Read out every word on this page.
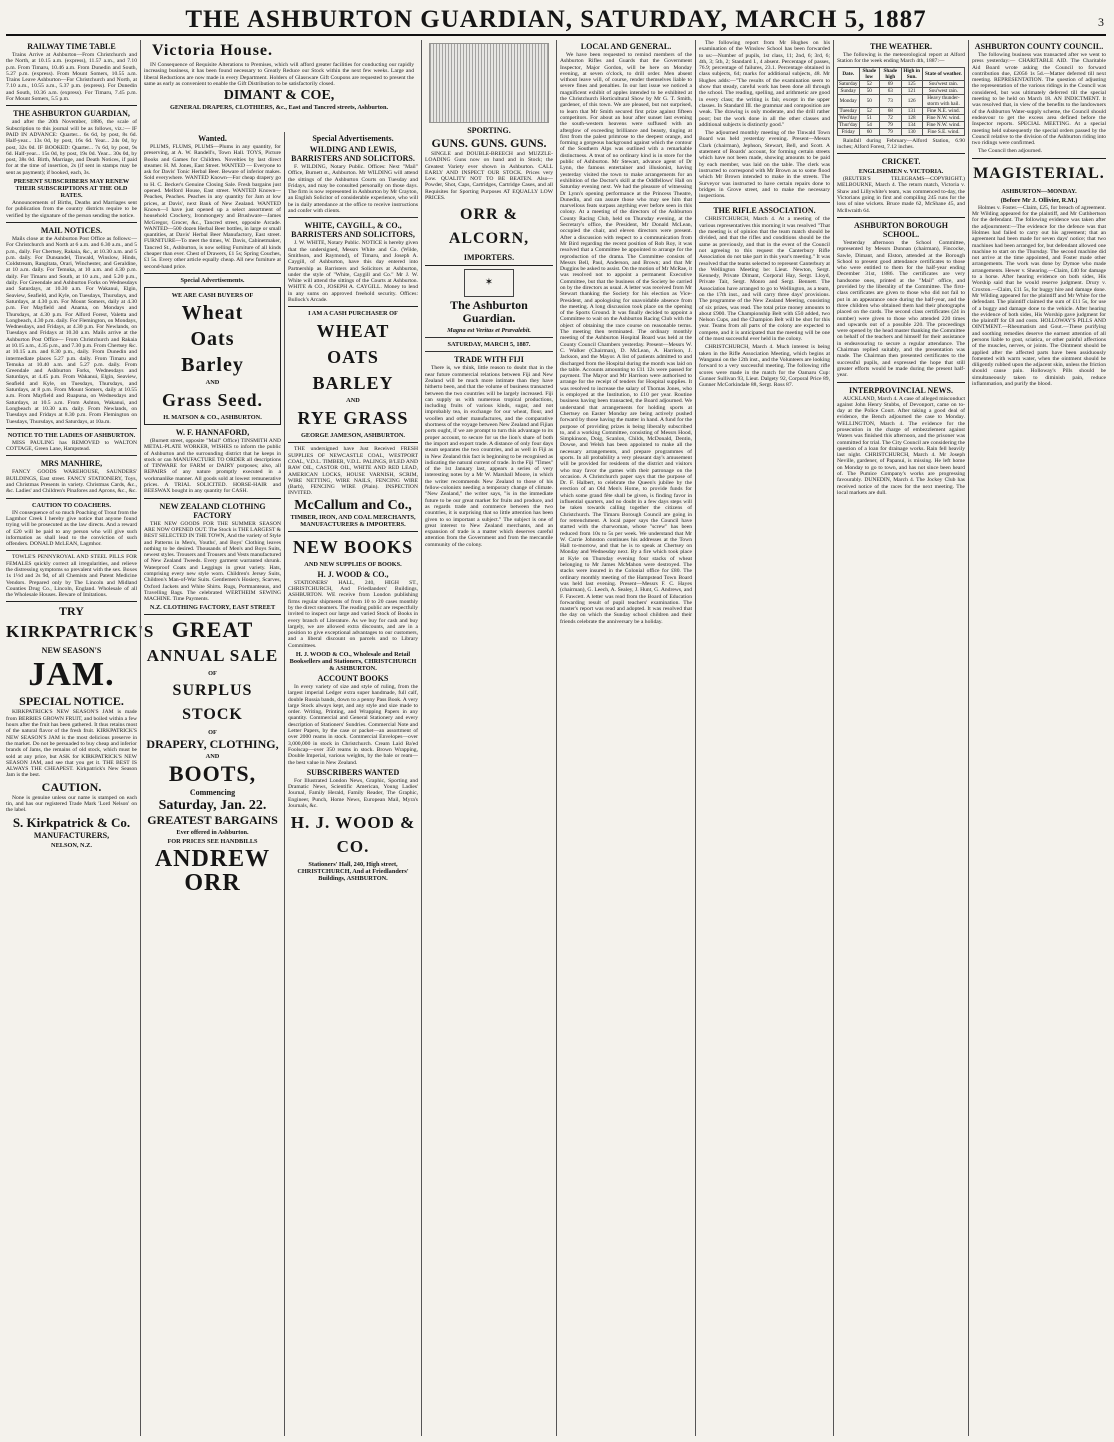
THE ASHBURTON GUARDIAN, SATURDAY, MARCH 5, 1887	3
RAILWAY TIME TABLE

Trains Arrive at Ashburton—From Christchurch and the North, at 10.15 a.m. (express), 11.57 a.m., and 7.10 p.m. From Timaru, 10.46 a.m. From Dunedin and South, 5.27 p.m. (express). From Mount Somers, 10.55 a.m. Trains Leave Ashburton—For Christchurch and North, at 7.10 a.m., 10.55 a.m., 5.37 p.m. (express). For Dunedin and South, 10.36 a.m. (express). For Timaru, 7.45 p.m. For Mount Somers, 5.5 p.m.

THE ASHBURTON GUARDIAN,

and after the 20th November, 1886, the scale of Subscription to this journal will be as follows, viz.:— IF PAID IN ADVANCE: Quarter... 6s 6d, by post, 8s 6d. Half-year... 13s 0d, by post, 16s 6d. Year... 24s 0d, by post, 32s 0d. IF BOOKED: Quarter... 7s 6d, by post, 9s 6d. Half-year... 15s 0d, by post, 19s 0d. Year... 30s 0d, by post, 38s 0d. Birth, Marriage, and Death Notices, if paid for at the time of insertion, 2s (if sent in stamps may be sent as payment); if booked, each, 3s.

PRESENT SUBSCRIBERS MAY RENEW THEIR SUBSCRIPTIONS AT THE OLD RATES.

Announcements of Births, Deaths and Marriages sent for publication from the country districts require to be verified by the signature of the person sending the notice.

MAIL NOTICES.

Mails close at the Ashburton Post Office as follows:— For Christchurch and North at 6 a.m. and 6.30 a.m., and 5 p.m., daily. For Chertsey, Rakaia, &c., at 10.30 a.m. and 5 p.m. daily. For Dunsandel, Tinwald, Winslow, Hinds, Coldstream, Rangitata, Orari, Winchester, and Geraldine, at 10 a.m. daily. For Temuka, at 10 a.m. and 4.30 p.m. daily. For Timaru and South, at 10 a.m., and 5.20 p.m., daily. For Greendale and Ashburton Forks on Wednesdays and Saturdays, at 10.30 a.m. For Wakanui, Elgin, Seaview, Seafield, and Kyle, on Tuesdays, Thursdays, and Saturdays, at 4.30 p.m. For Mount Somers, daily at 4.30 p.m. For Mayfield and Anama, on Mondays and Thursdays, at 4.30 p.m. For Alford Forest, Valetta and Longbeach, 4.30 p.m. daily. For Flemington, on Mondays, Wednesdays, and Fridays, at 4.30 p.m. For Newlands, on Tuesdays and Fridays at 10.30 a.m. Mails arrive at the Ashburton Post Office— From Christchurch and Rakaia at 10.15 a.m., 4.35 p.m., and 7.30 p.m. From Chertsey &c. at 10.15 a.m. and 8.30 p.m., daily. From Dunedin and intermediate places 5.27 p.m. daily. From Timaru and Temuka at 10.40 a.m. and 5.27 p.m. daily. From Greendale and Ashburton Forks, Wednesdays and Saturdays, at 4.45 p.m. From Wakanui, Elgin, Seaview, Seafield and Kyle, on Tuesdays, Thursdays, and Saturdays, at 8 p.m. From Mount Somers, daily at 10.55 a.m. From Mayfield and Ruapuna, on Wednesdays and Saturdays, at 10.5 a.m. From Ashton, Wakanui, and Longbeach at 10.30 a.m. daily. From Newlands, on Tuesdays and Fridays at 8.30 p.m. From Flemington on Tuesdays, Thursdays, and Saturdays, at 10a.m.

NOTICE TO THE LADIES OF ASHBURTON.

MISS PAULING has REMOVED to WALTON COTTAGE, Green Lane, Hampstead.

MRS MANHIRE,

FANCY GOODS WAREHOUSE, SAUNDERS' BUILDINGS, East street. FANCY STATIONERY, Toys, and Christmas Presents in variety. Christmas Cards, &c., &c. Ladies' and Children's Pinafores and Aprons, &c., &c.

CAUTION TO COACHERS.

IN consequence of so much Poaching of Trout from the Lagmhor Creek I hereby give notice that anyone found trying will be prosecuted as the law directs. And a reward of £20 will be paid to any person who will give such information as shall lead to the conviction of such offenders. DONALD McLEAN, Lagmhor.

TOWLE'S PENNYROYAL AND STEEL PILLS FOR FEMALES quickly correct all irregularities, and relieve the distressing symptoms so prevalent with the sex. Boxes 1s 1½d and 2s 9d, of all Chemists and Patent Medicine Vendors. Prepared only by The Lincoln and Midland Counties Drug Co., Lincoln, England. Wholesale of all the Wholesale Houses. Beware of Imitations.

TRY
KIRKPATRICK'S
NEW SEASON'S
JAM.
SPECIAL NOTICE.

KIRKPATRICK'S NEW SEASON'S JAM is made from BERRIES GROWN FRUIT, and boiled within a few hours after the fruit has been gathered. It thus retains most of the natural flavor of the fresh fruit. KIRKPATRICK'S NEW SEASON'S JAM is the most delicious preserve in the market. Do not be persuaded to buy cheap and inferior brands of Jams, the remains of old stock, which must be sold at any price, but ASK for KIRKPATRICK'S NEW SEASON JAM, and see that you get it. THE BEST IS ALWAYS THE CHEAPEST. Kirkpatrick's New Season Jam is the best.

CAUTION.

None is genuine unless our name is stamped on each tin, and has our registered Trade Mark 'Lord Nelson' on the label.

S. Kirkpatrick & Co.
MANUFACTURERS,
NELSON, N.Z.
Victoria House.

IN Consequence of Requisite Alterations to Premises, which will afford greater facilities for conducting our rapidly increasing business, it has been found necessary to Greatly Reduce our Stock within the next few weeks. Large and liberal Reductions are now made in every Department. Holders of Glassware Gift Coupons are requested to present the same as early as convenient to enable the Gift Distribution to be satisfactorily closed.

DIMANT & COE,
GENERAL DRAPERS, CLOTHIERS, &c., East and Tancred streets, Ashburton.
Wanted.

PLUMS, FLUMS, PLUMS—Plums in any quantity, for preserving, at A. W. Randell's, Town Hall. TOYS, Picture Books and Games for Children. Novelties by last direct steamer. H. M. Jones, East Street. WANTED — Everyone to ask for Davis' Tonic Herbal Beer. Beware of inferior makes. Sold everywhere. WANTED Known—For cheap drapery go to H. C. Becker's Genuine Closing Sale. Fresh bargains just opened. Melford House, East street. WANTED Known—Peaches, Peaches. Peaches in any quantity for Jam at low prices, at Davis', next Bank of New Zealand. WANTED Known—I have just opened up a select assortment of household Crockery, Ironmongery and Brushware—James McGregor, Grocer, &c., Tancred street, opposite Arcade. WANTED—500 dozen Herbal Beer bottles, in large or small quantities, at Davis' Herbal Beer Manufactory, East street. FURNITURE—To meet the times, W. Davis, Cabinetmaker, Tancred St., Ashburton, is now selling Furniture of all kinds cheaper than ever. Chest of Drawers, £1 5s; Spring Couches, £1 5s. Every other article equally cheap. All new furniture at second-hand price.

Special Advertisements.
WE ARE CASH BUYERS OF
Wheat
Oats
Barley
AND
Grass Seed.
H. MATSON & CO., ASHBURTON.
W. F. HANNAFORD,

(Burnett street, opposite "Mail" Office) TINSMITH AND METAL-PLATE WORKER, WISHES to inform the public of Ashburton and the surrounding district that he keeps in stock or can MANUFACTURE TO ORDER all descriptions of TINWARE for FARM or DAIRY purposes; also, all REPAIRS of any nature promptly executed in a workmanlike manner. All goods sold at lowest remunerative prices. A TRIAL SOLICITED. HORSE-HAIR and BEESWAX bought in any quantity for CASH.

NEW ZEALAND CLOTHING FACTORY

THE NEW GOODS FOR THE SUMMER SEASON ARE NOW OPENED OUT. The Stock is THE LARGEST & BEST SELECTED IN THE TOWN, And the variety of Style and Patterns in Men's, Youths', and Boys' Clothing leaves nothing to be desired. Thousands of Men's and Boys Suits, newest styles. Trousers and Trousers and Vests manufactured of New Zealand Tweeds. Every garment warranted shrunk. Waterproof Coats and Leggings in great variety. Hats, comprising every new style worn. Children's Jersey Suits, Children's Man-of-War Suits. Gentlemen's Hosiery, Scarves, Oxford Jackets and White Shirts. Rugs, Portmanteaus, and Travelling Bags. The celebrated WERTHEIM SEWING MACHINE. Time Payments.

N.Z. CLOTHING FACTORY, EAST STREET
GREAT
ANNUAL SALE
OF
SURPLUS STOCK
OF
DRAPERY, CLOTHING,
AND
BOOTS,
Commencing
Saturday, Jan. 22.
GREATEST BARGAINS
Ever offered in Ashburton.
FOR PRICES SEE HANDBILLS
ANDREW ORR
Special Advertisements.
WILDING AND LEWIS, BARRISTERS AND SOLICITORS.

F. WILDING, Notary Public. Offices: Next "Mail" Office, Burnett st., Ashburton. Mr WILDING will attend the sittings of the Ashburton Courts on Tuesday and Fridays, and may be consulted personally on those days. The firm is now represented in Ashburton by Mr Crayton, an English Solicitor of considerable experience, who will be in daily attendance at the office to receive instructions and confer with clients.

WHITE, CAYGILL, & CO., BARRISTERS AND SOLICITORS,

J. W. WHITE, Notary Public. NOTICE is hereby given that the undersigned, Messrs White and Co. (Wilde, Smithson, and Raymond), of Timaru, and Joseph A. Caygill, of Ashburton, have this day entered into Partnership as Barristers and Solicitors at Ashburton, under the style of "White, Caygill and Co." Mr J. W. White will attend the sittings of the Courts at Ashburton. WHITE & CO., JOSEPH A. CAYGILL. Money to lend in any sums on approved freehold security. Offices: Bullock's Arcade.

I AM A CASH PURCHASER OF
WHEAT
OATS
BARLEY
AND
RYE GRASS
GEORGE JAMESON, ASHBURTON.

THE undersigned have Just Received FRESH SUPPLIES OF NEWCASTLE COAL, WESTPORT COAL, V.D.L. TIMBER, V.D.L. PALINGS, B'LED AND RAW OIL, CASTOR OIL, WHITE AND RED LEAD, AMERICAN LOCKS, HOUSE VARNISH, SCRIM, WIRE NETTING, WIRE NAILS, FENCING WIRE (Barb), FENCING WIRE (Plain). INSPECTION INVITED.

McCallum and Co.,
TIMBER, IRON, AND COAL MERCHANTS, MANUFACTURERS & IMPORTERS.
NEW BOOKS
AND NEW SUPPLIES OF BOOKS.
H. J. WOOD & CO.,

STATIONERS' HALL, 240, HIGH ST., CHRISTCHURCH, And Friedlanders' Buildings, ASHBURTON. WE receive from London publishing firms regular shipments of from 10 to 20 cases monthly by the direct steamers. The reading public are respectfully invited to inspect our large and varied Stock of Books in every branch of Literature. As we buy for cash and buy largely, we are allowed extra discounts, and are in a position to give exceptional advantages to our customers, and a liberal discount on parcels and to Library Committees.

H. J. WOOD & CO., Wholesale and Retail Booksellers and Stationers, CHRISTCHURCH & ASHBURTON.
ACCOUNT BOOKS

In every variety of size and style of ruling, from the largest imperial Ledger extra super handmade, full calf, double Russia bands, down to a penny Pass Book. A very large Stock always kept, and any style and size made to order. Writing, Printing, and Wrapping Papers in any quantity. Commercial and General Stationery and every description of Stationers' Sundries. Commercial Note and Letter Papers, by the case or packet—an assortment of over 2000 reams in stock. Commercial Envelopes—over 3,000,000 in stock in Christchurch. Cream Laid Ba'ed Foolscap—over 350 reams in stock. Brown Wrapping, Double Imperial, various weights, by the bale or ream—the best value in New Zealand.

SUBSCRIBERS WANTED

For Illustrated London News, Graphic, Sporting and Dramatic News, Scientific American, Young Ladies' Journal, Family Herald, Family Reader, The Graphic, Engineer, Punch, Home News, European Mail, Myra's Journals, &c.

H. J. WOOD & CO.
Stationers' Hall, 240, High street, CHRISTCHURCH, And at Friedlanders' Buildings, ASHBURTON.
SPORTING.
GUNS. GUNS. GUNS.

SINGLE and DOUBLE-BREECH and MUZZLE-LOADING Guns now on hand and in Stock; the Greatest Variety ever shown in Ashburton. CALL EARLY AND INSPECT OUR STOCK. Prices very Low. QUALITY NOT TO BE BEATEN. Also— Powder, Shot, Caps, Cartridges, Cartridge Cases, and all Requisites for Sporting Purposes AT EQUALLY LOW PRICES.

ORR & ALCORN,
IMPORTERS.
✶
The Ashburton Guardian.
Magna est Veritas et Prævalebit.
SATURDAY, MARCH 5, 1887.
TRADE WITH FIJI

There is, we think, little reason to doubt that in the near future commercial relations between Fiji and New Zealand will be much more intimate than they have hitherto been, and that the volume of business transacted between the two countries will be largely increased. Fiji can supply us with numerous tropical productions, including fruits of various kinds, sugar, and not improbably tea, in exchange for our wheat, flour, and woollen and other manufactures, and the comparative shortness of the voyage between New Zealand and Fijian ports ought, if we are prompt to turn this advantage to its proper account, to secure for us the lion's share of both the import and export trade. A distance of only four days steam separates the two countries, and as well in Fiji as in New Zealand this fact is beginning to be recognised as indicating the natural current of trade. In the Fiji "Times" of the 1st January last, appears a series of very interesting notes by a Mr W. Marshall Moore, in which the writer recommends New Zealand to those of his fellow-colonists needing a temporary change of climate. "New Zealand," the writer says, "is in the immediate future to be our great market for fruits and produce, and as regards trade and commerce between the two countries, it is surprising that so little attention has been given to so important a subject." The subject is one of great interest to New Zealand merchants, and an expansion of trade is a matter which deserves careful attention from the Government and from the mercantile community of the colony.

LOCAL AND GENERAL.

We have been requested to remind members of the Ashburton Rifles and Guards that the Government Inspector, Major Gordon, will be here on Monday evening, at seven o'clock, to drill order. Men absent without leave will, of course, render themselves liable to severe fines and penalties. In our last issue we noticed a magnificent exhibit of apples intended to be exhibited at the Christchurch Horticultural Show by Mr G. T. Smith, gardener, of this town. We are pleased, but not surprised, to learn that Mr Smith secured first prize against fifteen competitors. For about an hour after sunset last evening the south-western heavens were suffused with an afterglow of exceeding brilliance and beauty, tinging at first from the palest primrose to the deepest orange, and forming a gorgeous background against which the contour of the Southern Alps was outlined with a remarkable distinctness. A treat of no ordinary kind is in store for the public of Ashburton. Mr Stewart, advance agent of Dr Lynn, the famous entertainer and illusionist, having yesterday visited the town to make arrangements for an exhibition of the Doctor's skill at the Oddfellows' Hall on Saturday evening next. We had the pleasure of witnessing Dr Lynn's opening performance at the Princess Theatre, Dunedin, and can assure those who may see him that marvellous feats surpass anything ever before seen in this colony. At a meeting of the directors of the Ashburton County Racing Club, held on Thursday evening, at the Secretary's office, the President, Mr Donald McLean, occupied the chair, and eleven directors were present. After a discussion with respect to a communication from Mr Bird regarding the recent position of Rob Roy, it was resolved that a Committee be appointed to arrange for the reproduction of the drama. The Committee consists of Messrs Bell, Paul, Anderson, and Brown; and that Mr Duggins be asked to assist. On the motion of Mr McRae, it was resolved not to appoint a permanent Executive Committee, but that the business of the Society be carried on by the directors as usual. A letter was received from Mr Stewart thanking the Society for his election as Vice-President, and apologising for unavoidable absence from the meeting. A long discussion took place on the opening of the Sports Ground. It was finally decided to appoint a Committee to wait on the Ashburton Racing Club with the object of obtaining the race course on reasonable terms. The meeting then terminated. The ordinary monthly meeting of the Ashburton Hospital Board was held at the County Council Chambers yesterday. Present—Messrs W. C. Walker (Chairman), D. McLean, A. Harrison, J. Jackson, and the Mayor. A list of patients admitted to and discharged from the Hospital during the month was laid on the table. Accounts amounting to £11 12s were passed for payment. The Mayor and Mr Harrison were authorised to arrange for the receipt of tenders for Hospital supplies. It was resolved to increase the salary of Thomas Jones, who is employed at the Institution, to £10 per year. Routine business having been transacted, the Board adjourned. We understand that arrangements for holding sports at Chertsey on Easter Monday are being actively pushed forward by those having the matter in hand. A fund for the purpose of providing prizes is being liberally subscribed to, and a working Committee, consisting of Messrs Hood, Simpkinson, Doig, Scanlon, Childs, McDonald, Dentin, Dowse, and Welsh has been appointed to make all the necessary arrangements, and prepare programmes of sports. In all probability a very pleasant day's amusement will be provided for residents of the district and visitors who may favor the games with their patronage on the occasion. A Christchurch paper says that the purpose of Dr. F. Halbert, to celebrate the Queen's jubilee by the erection of an Old Men's Home, to provide funds for which some grand fête shall be given, is finding favor in influential quarters, and no doubt in a few days steps will be taken towards calling together the citizens of Christchurch. The Timaru Borough Council are going in for retrenchment. A local paper says the Council have started with the charwoman, whose "screw" has been reduced from 10s to 5s per week. We understand that Mr W. Carrie Johnston continues his addresses at the Town Hall to-morrow, and that he is to speak at Chertsey on Monday and Wednesday next. By a fire which took place at Kyle on Thursday evening four stacks of wheat belonging to Mr James McMahon were destroyed. The stacks were insured in the Colonial office for £80. The ordinary monthly meeting of the Hampstead Town Board was held last evening. Present—Messrs F. C. Hayes (chairman), G. Leech, A. Sealey, J. Hunt, G. Andrews, and F. Fawcett. A letter was read from the Board of Education forwarding result of pupil teachers' examination. The master's report was read and adopted. It was resolved that the day on which the Sunday school children and their friends celebrate the anniversary be a holiday.

The following report from Mr Hughes on his examination of the Winslow School has been forwarded to us:—Number of pupils, 1st class, 11; 2nd, 6; 3rd, 6; 4th, 3; 5th, 2; Standard I., 4 absent. Percentage of passes, 76.9; percentage of failures, 23.1. Percentage obtained in class subjects, 64; marks for additional subjects, 48. Mr Hughes adds:—"The results of the examination seem to show that steady, careful work has been done all through the school. The reading, spelling, and arithmetic are good in every class; the writing is fair, except in the upper classes. In Standard III. the grammar and composition are weak. The drawing is only moderate, and the drill rather poor; but the work done in all the other classes and additional subjects is distinctly good."

The adjourned monthly meeting of the Tinwald Town Board was held yesterday evening. Present—Messrs Clark (chairman), Jephson, Stewart, Bell, and Scott. A statement of Boards' account, for forming certain streets which have not been made, showing amounts to be paid by each member, was laid on the table. The clerk was instructed to correspond with Mr Brown as to some flood which Mr Brown intended to make in the streets. The Surveyor was instructed to have certain repairs done to bridges in Grove street, and to make the necessary inspections.

THE RIFLE ASSOCIATION.

CHRISTCHURCH, March 4. At a meeting of the various representatives this morning it was resolved "That the meeting is of opinion that the team match should be divided, and that the rifles and conditions should be the same as previously, and that in the event of the Council not agreeing to this request the Canterbury Rifle Association do not take part in this year's meeting." It was resolved that the teams selected to represent Canterbury at the Wellington Meeting be: Lieut. Newton, Sergt. Kennedy, Private Dimant, Corporal Hay, Sergt. Lloyd, Private Tait, Sergt. Monro and Sergt. Bennett. The Association have arranged to go to Wellington, as a team, on the 17th inst., and will carry three days' provisions. The programme of the New Zealand Meeting, consisting of six prizes, was read. The total prize money amounts to about £900. The Championship Belt with £50 added, two Nelson Cups, and the Champion Belt will be shot for this year. Teams from all parts of the colony are expected to compete, and it is anticipated that the meeting will be one of the most successful ever held in the colony.

CHRISTCHURCH, March 4. Much interest is being taken in the Rifle Association Meeting, which begins at Wanganui on the 12th inst., and the Volunteers are looking forward to a very successful meeting. The following rifle scores were made in the match for the Oamaru Cup: Gunner Sullivan 93, Lieut. Dalgety 92, Corporal Price 89, Gunner McCorkindale 88, Sergt. Ross 87.

THE WEATHER.

The following is the meteorological report at Alford Station for the week ending March 4th, 1887:—

Date.	Shade low	Shade high	High in Sun.	State of weather.
Saturday	52	69	125	Sou'west rain.
Sunday	50	63	121	Sou'west rain.
Monday	50	73	126	Heavy thunder-storm with hail.
Tuesday	52	68	131	Fine N.E. wind.
Wed'day	51	72	128	Fine N.W. wind.
Thur'day	54	79	134	Fine N.W. wind.
Friday	60	79	130	Fine S.E. wind.

Rainfall during February—Alford Station, 6.90 inches; Alford Forest, 7.12 inches.

CRICKET.
ENGLISHMEN v. VICTORIA.

(REUTER'S TELEGRAMS—COPYRIGHT.) MELBOURNE, March 4. The return match, Victoria v. Shaw and Lillywhite's team, was commenced to-day, the Victorians going in first and compiling 245 runs for the loss of nine wickets. Bruce made 62, McShane 45, and Mcllwraith 64.

ASHBURTON BOROUGH SCHOOL.

Yesterday afternoon the School Committee, represented by Messrs Dunnan (chairman), Fincocke, Sawle, Dimant, and Elston, attended at the Borough School to present good attendance certificates to those who were entitled to them for the half-year ending December 31st, 1886. The certificates are very handsome ones, printed at the "Mail" office, and provided by the liberality of the Committee. The first-class certificates are given to those who did not fail to put in an appearance once during the half-year, and the three children who obtained them had their photographs placed on the cards. The second class certificates (24 in number) were given to those who attended 220 times and upwards out of a possible 220. The proceedings were opened by the head master thanking the Committee on behalf of the teachers and himself for their assistance in endeavouring to secure a regular attendance. The Chairman replied suitably, and the presentation was made. The Chairman then presented certificates to the successful pupils, and expressed the hope that still greater efforts would be made during the present half-year.

INTERPROVINCIAL NEWS.

AUCKLAND, March 4. A case of alleged misconduct against John Henry Stubbs, of Devonport, came on to-day at the Police Court. After taking a good deal of evidence, the Bench adjourned the case to Monday. WELLINGTON, March 4. The evidence for the prosecution in the charge of embezzlement against Waters was finished this afternoon, and the prisoner was committed for trial. The City Council are considering the question of a loan for drainage works. Rain fell heavily last night. CHRISTCHURCH, March 4. Mr Joseph Neville, gardener, of Papanui, is missing. He left home on Monday to go to town, and has not since been heard of. The Pumice Company's works are progressing favourably. DUNEDIN, March 4. The Jockey Club has received notice of the races for the next meeting. The local markets are dull.

ASHBURTON COUNTY COUNCIL.

The following business was transacted after we went to press yesterday:— CHARITABLE AID. The Charitable Aid Board wrote asking the Council to forward contribution due, £2056 1s 5d.—Matter deferred till next meeting. REPRESENTATION. The question of adjusting the representation of the various ridings in the Council was considered, but was ultimately deferred till the special meeting to be held on March 18. AN INDICTMENT. It was resolved that, in view of the benefits to the landowners of the Ashburton Water-supply scheme, the Council should endeavour to get the excess area defined before the Inspector reports. SPECIAL MEETING. At a special meeting held subsequently the special orders passed by the Council relative to the division of the Ashburton riding into two ridings were confirmed.

The Council then adjourned.

MAGISTERIAL.
ASHBURTON—MONDAY.
(Before Mr J. Ollivier, R.M.)

Holmes v. Foster.—Claim, £25, for breach of agreement. Mr Wilding appeared for the plaintiff, and Mr Cuthbertson for the defendant. The following evidence was taken after the adjournment:—The evidence for the defence was that Holmes had failed to carry out his agreement; that an agreement had been made for seven days' notice; that two machines had been arranged for, but defendant allowed one machine to start on the Thursday. The second machine did not arrive at the time appointed, and Foster made other arrangements. The work was done by Dymoe who made arrangements. Hewer v. Shearing.—Claim, £40 for damage to a horse. After hearing evidence on both sides, His Worship said that he would reserve judgment. Drury v. Croxton.—Claim, £11 5s, for buggy hire and damage done. Mr Wilding appeared for the plaintiff and Mr White for the defendant. The plaintiff claimed the sum of £11 5s, for use of a buggy and damage done to the vehicle. After hearing the evidence of both sides, His Worship gave judgment for the plaintiff for £8 and costs. HOLLOWAY'S PILLS AND OINTMENT.—Rheumatism and Gout.—These purifying and soothing remedies deserve the earnest attention of all persons liable to gout, sciatica, or other painful affections of the muscles, nerves, or joints. The Ointment should be applied after the affected parts have been assiduously fomented with warm water, when the ointment should be diligently rubbed upon the adjacent skin, unless the friction should cause pain. Holloway's Pills should be simultaneously taken to diminish pain, reduce inflammation, and purify the blood.
